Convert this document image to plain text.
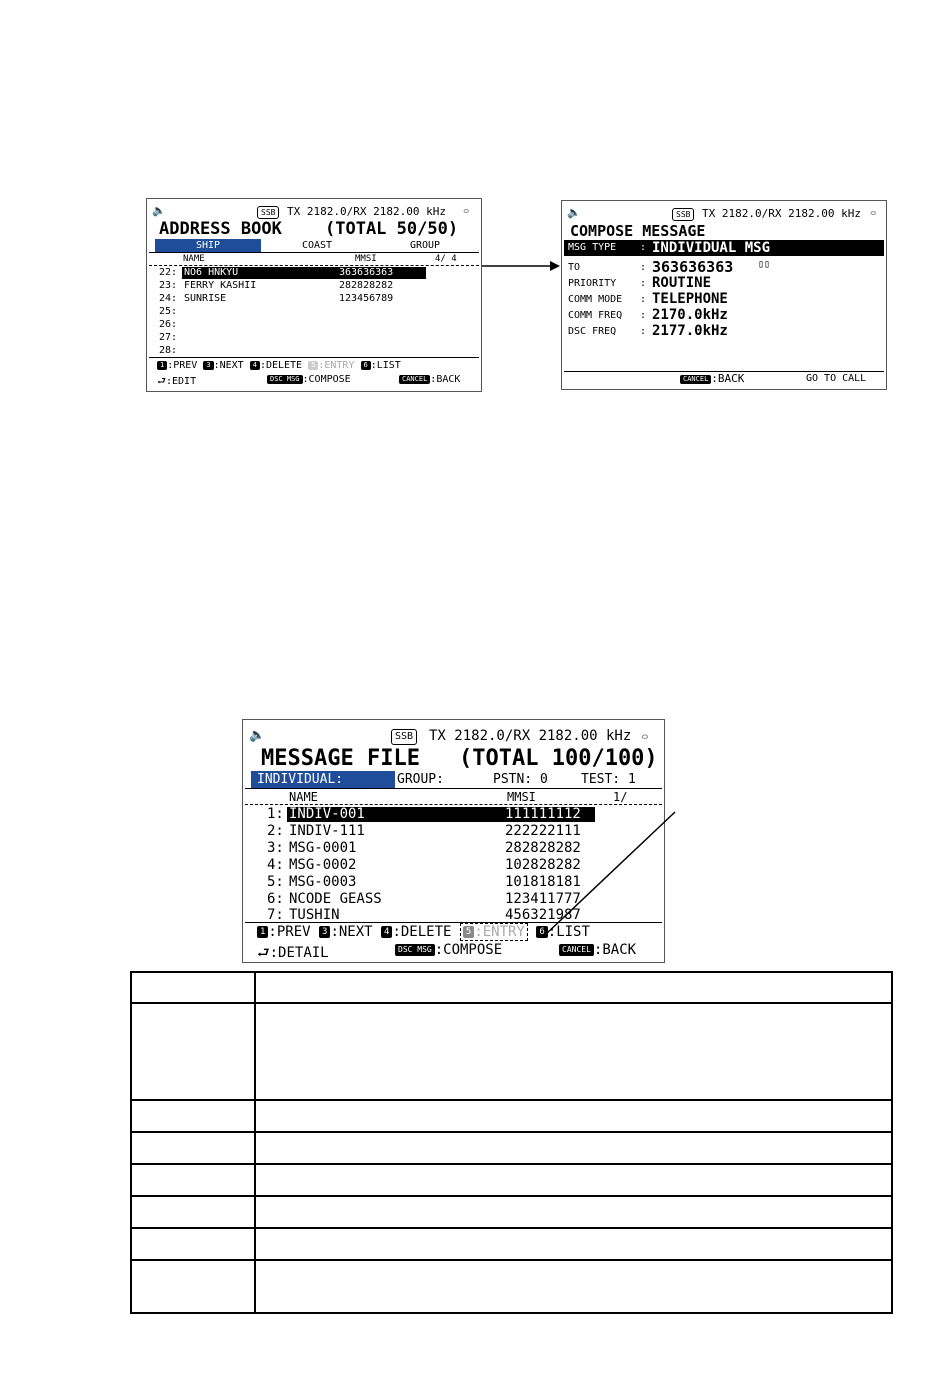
🔈	SSB	TX 2182.0/RX 2182.00 kHz ⴰ
ADDRESS BOOK	(TOTAL 50/50)
SHIP	COAST	GROUP
NAME	MMSI	4/ 4
22: NO6 HNKYU	363636363
23: FERRY KASHII	282828282
24: SUNRISE	123456789
25:
26:
27:
28:
1 :PREV 3 :NEXT 4 :DELETE 5 :ENTRY 6 :LIST
⮐:EDIT	DSC MSG :COMPOSE	CANCEL :BACK
🔈	SSB	TX 2182.0/RX 2182.00 kHz ⴰ
COMPOSE MESSAGE
MSG TYPE : INDIVIDUAL MSG
TO	: 363636363 ▯▯
PRIORITY : ROUTINE
COMM MODE : TELEPHONE
COMM FREQ : 2170.0kHz
DSC FREQ : 2177.0kHz
CANCEL :BACK	GO TO CALL
🔈	SSB TX 2182.0/RX 2182.00 kHz ⴰ
MESSAGE FILE (TOTAL 100/100)
INDIVIDUAL:	GROUP:	PSTN: 0	TEST: 1
NAME	MMSI	1/
1: INDIV-001	111111112
2: INDIV-111	222222111
3: MSG-0001	282828282
4: MSG-0002	102828282
5: MSG-0003	101818181
6: NCODE GEASS	123411777
7: TUSHIN	456321987
1 :PREV 3 :NEXT 4 :DELETE 5 :ENTRY 6 :LIST
⮐:DETAIL	DSC MSG :COMPOSE	CANCEL :BACK
